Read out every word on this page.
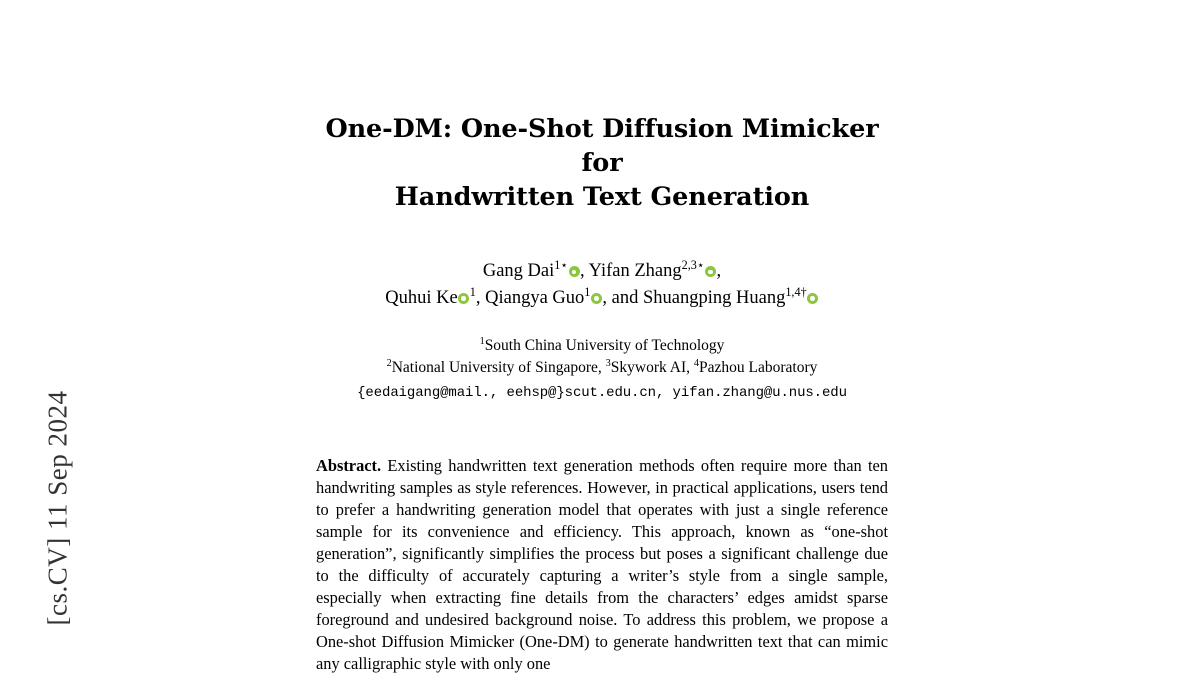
[cs.CV] 11 Sep 2024
One-DM: One-Shot Diffusion Mimicker for
Handwritten Text Generation
Gang Dai$^{1⋆}$ , Yifan Zhang$^{2,3⋆}$ ,
Quhui Ke $^1$, Qiangya Guo$^1$ , and Shuangping Huang$^{1,4\dagger}$
$^1$South China University of Technology
$^2$National University of Singapore, $^3$Skywork AI, $^4$Pazhou Laboratory
{eedaigang@mail., eehsp@}scut.edu.cn, yifan.zhang@u.nus.edu
Abstract. Existing handwritten text generation methods often require more than ten handwriting samples as style references. However, in practical applications, users tend to prefer a handwriting generation model that operates with just a single reference sample for its convenience and efficiency. This approach, known as “one-shot generation”, significantly simplifies the process but poses a significant challenge due to the difficulty of accurately capturing a writer’s style from a single sample, especially when extracting fine details from the characters’ edges amidst sparse foreground and undesired background noise. To address this problem, we propose a One-shot Diffusion Mimicker (One-DM) to generate handwritten text that can mimic any calligraphic style with only one
